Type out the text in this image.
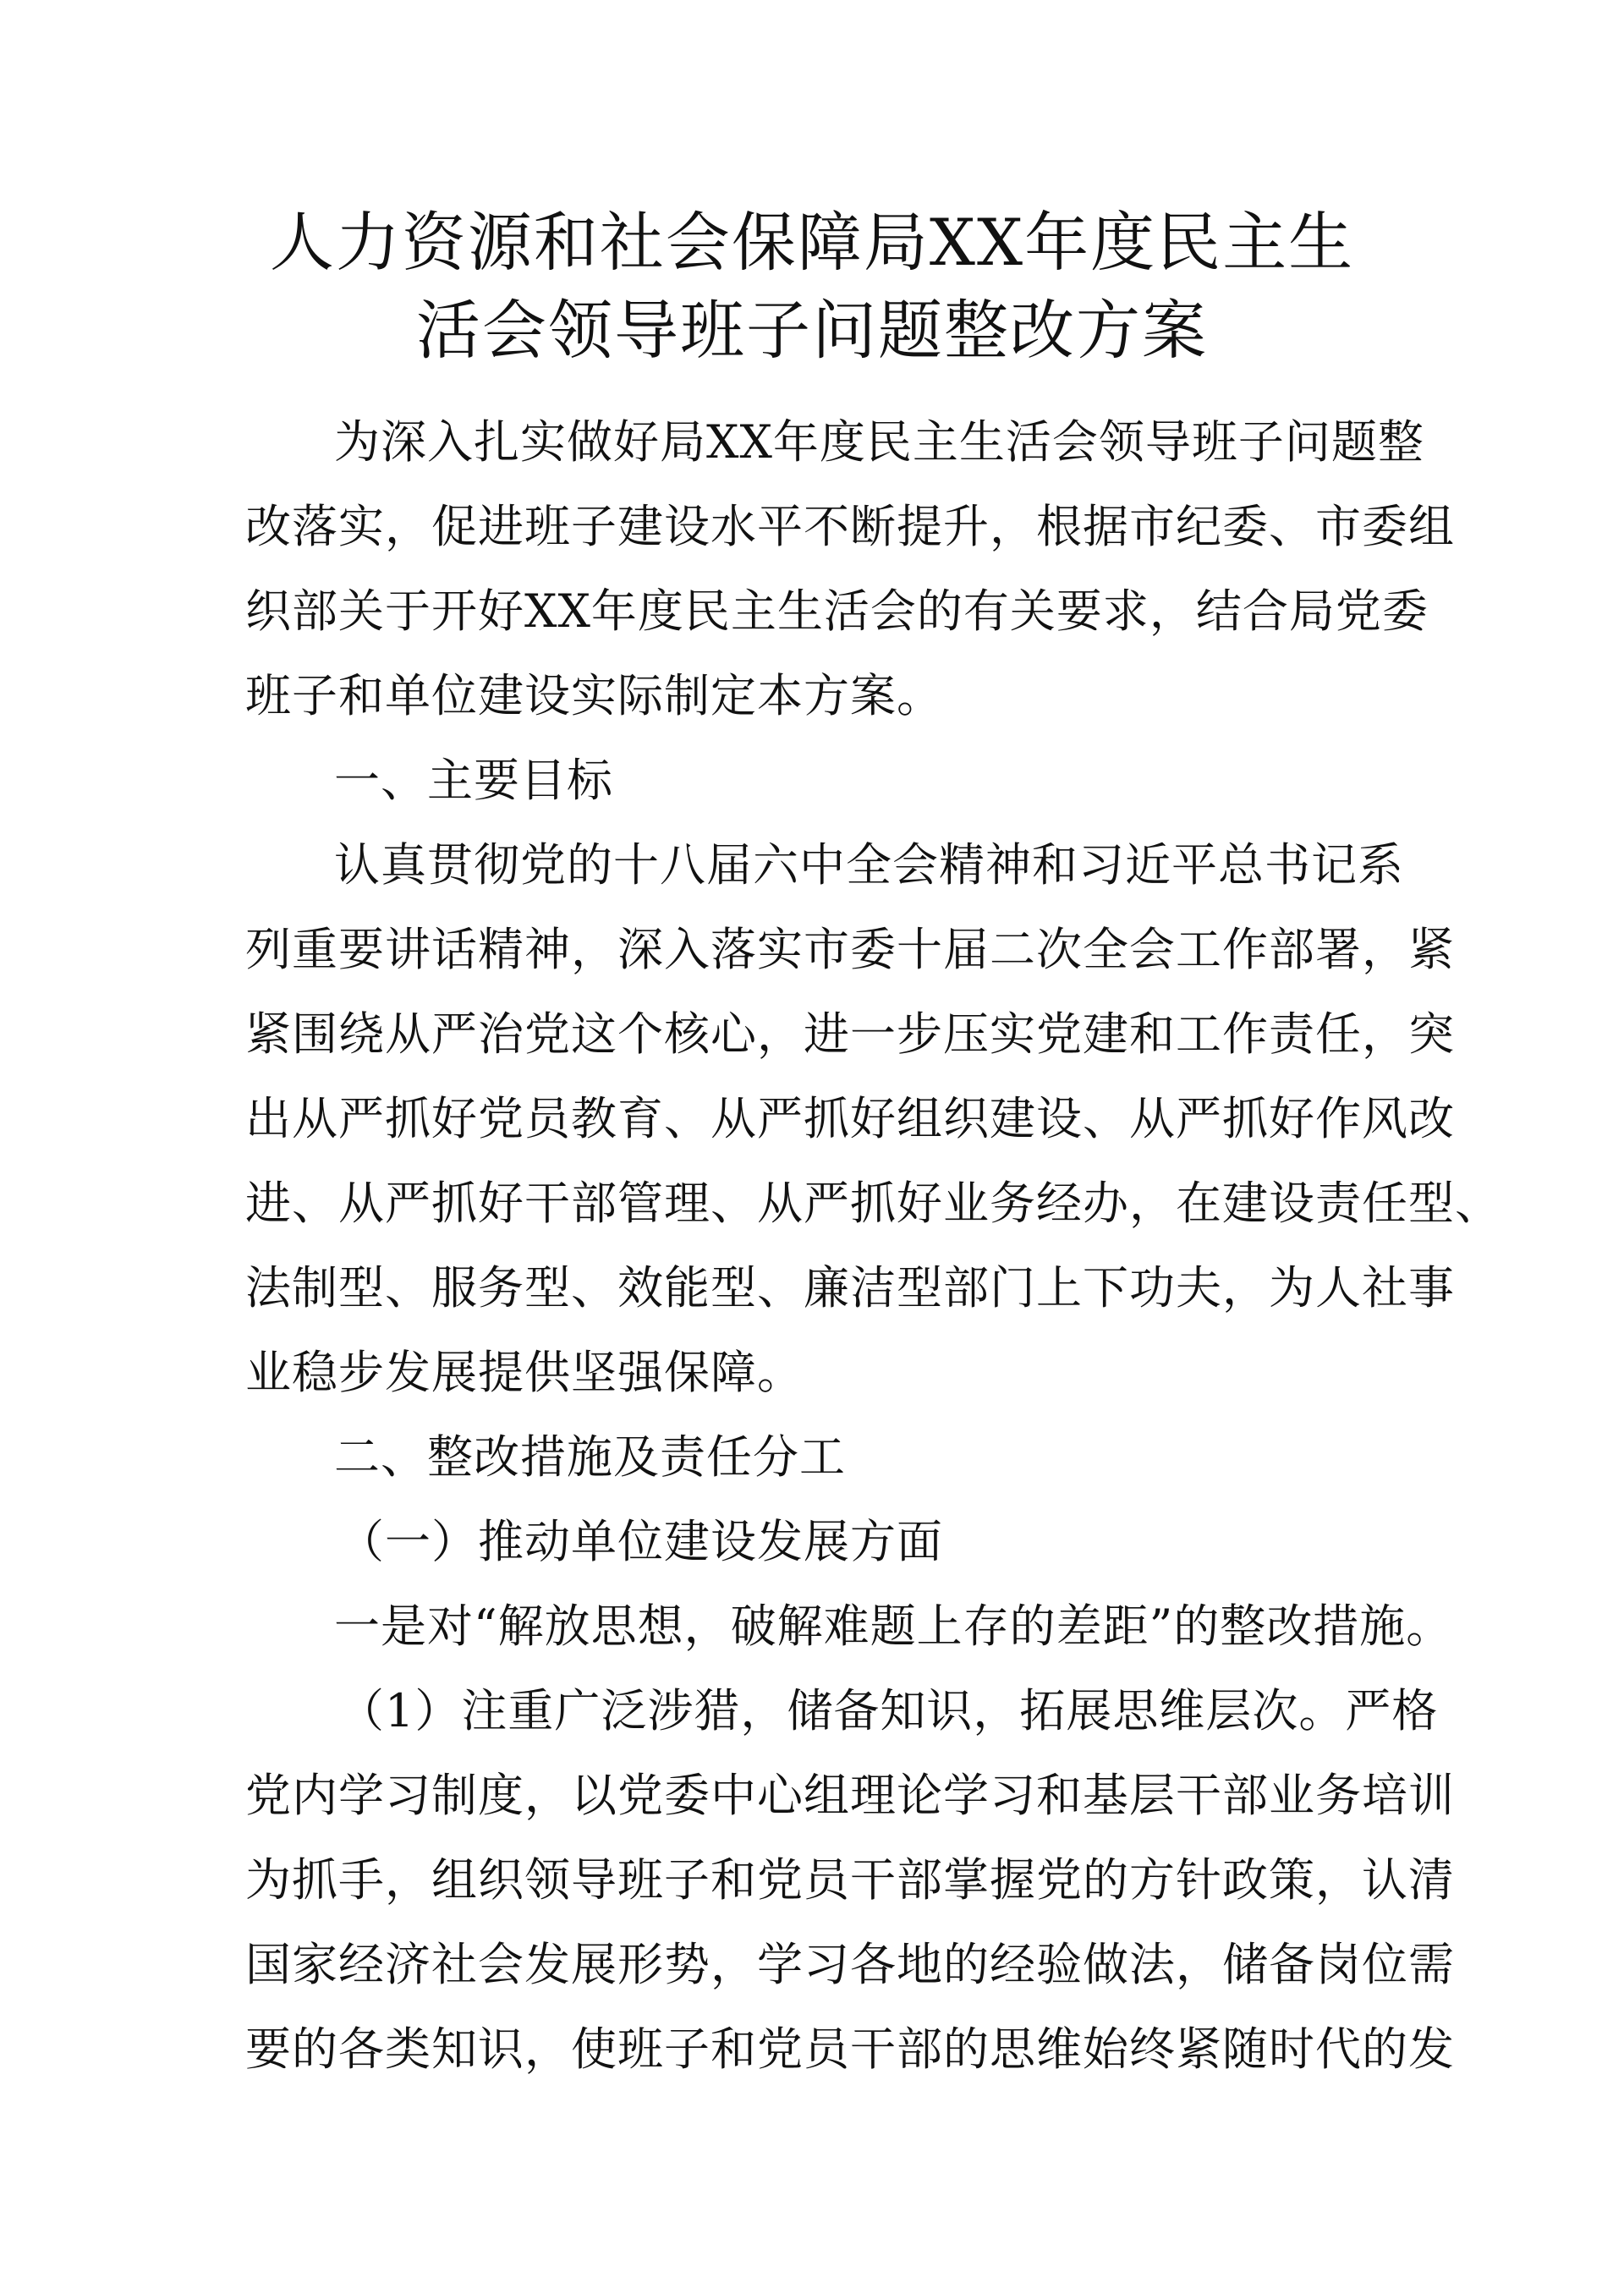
人力资源和社会保障局XX年度民主生
活会领导班子问题整改方案
为深入扎实做好局XX年度民主生活会领导班子问题整
改落实，促进班子建设水平不断提升，根据市纪委、市委组
织部关于开好XX年度民主生活会的有关要求，结合局党委
班子和单位建设实际制定本方案。
一、主要目标
认真贯彻党的十八届六中全会精神和习近平总书记系
列重要讲话精神，深入落实市委十届二次全会工作部署，紧
紧围绕从严治党这个核心，进一步压实党建和工作责任，突
出从严抓好党员教育、从严抓好组织建设、从严抓好作风改
进、从严抓好干部管理、从严抓好业务经办，在建设责任型、
法制型、服务型、效能型、廉洁型部门上下功夫，为人社事
业稳步发展提供坚强保障。
二、整改措施及责任分工
（一）推动单位建设发展方面
一是对“解放思想，破解难题上存的差距”的整改措施。
（1）注重广泛涉猎，储备知识，拓展思维层次。严格
党内学习制度，以党委中心组理论学习和基层干部业务培训
为抓手，组织领导班子和党员干部掌握党的方针政策，认清
国家经济社会发展形势，学习各地的经验做法，储备岗位需
要的各类知识，使班子和党员干部的思维始终紧随时代的发
